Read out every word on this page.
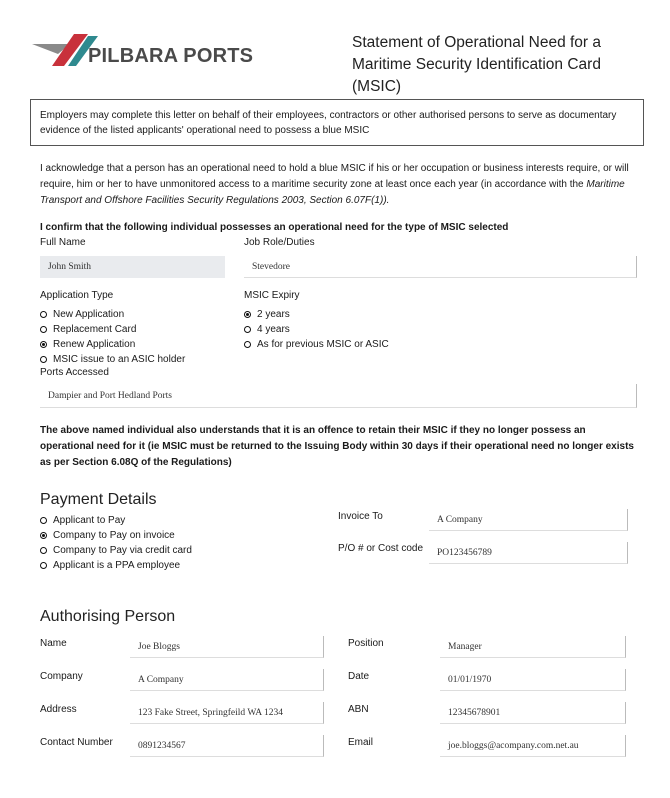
PILBARA PORTS
Statement of Operational Need for a
Maritime Security Identification Card (MSIC)
Employers may complete this letter on behalf of their employees, contractors or other authorised persons to serve as documentary evidence of the listed applicants' operational need to possess a blue MSIC
I acknowledge that a person has an operational need to hold a blue MSIC if his or her occupation or business interests require, or will require, him or her to have unmonitored access to a maritime security zone at least once each year (in accordance with the Maritime Transport and Offshore Facilities Security Regulations 2003, Section 6.07F(1)).
I confirm that the following individual possesses an operational need for the type of MSIC selected
Full Name
John Smith
Job Role/Duties
Stevedore
Application Type
New Application
Replacement Card
Renew Application
MSIC issue to an ASIC holder
MSIC Expiry
2 years
4 years
As for previous MSIC or ASIC
Ports Accessed
Dampier and Port Hedland Ports
The above named individual also understands that it is an offence to retain their MSIC if they no longer possess an operational need for it (ie MSIC must be returned to the Issuing Body within 30 days if their operational need no longer exists as per Section 6.08Q of the Regulations)
Payment Details
Applicant to Pay
Company to Pay on invoice
Company to Pay via credit card
Applicant is a PPA employee
Invoice To	A Company
P/O # or Cost code	PO123456789
Authorising Person
Name	Joe Bloggs	Position	Manager
Company	A Company	Date	01/01/1970
Address	123 Fake Street, Springfeild WA 1234	ABN	12345678901
Contact Number	0891234567	Email	joe.bloggs@acompany.com.net.au
